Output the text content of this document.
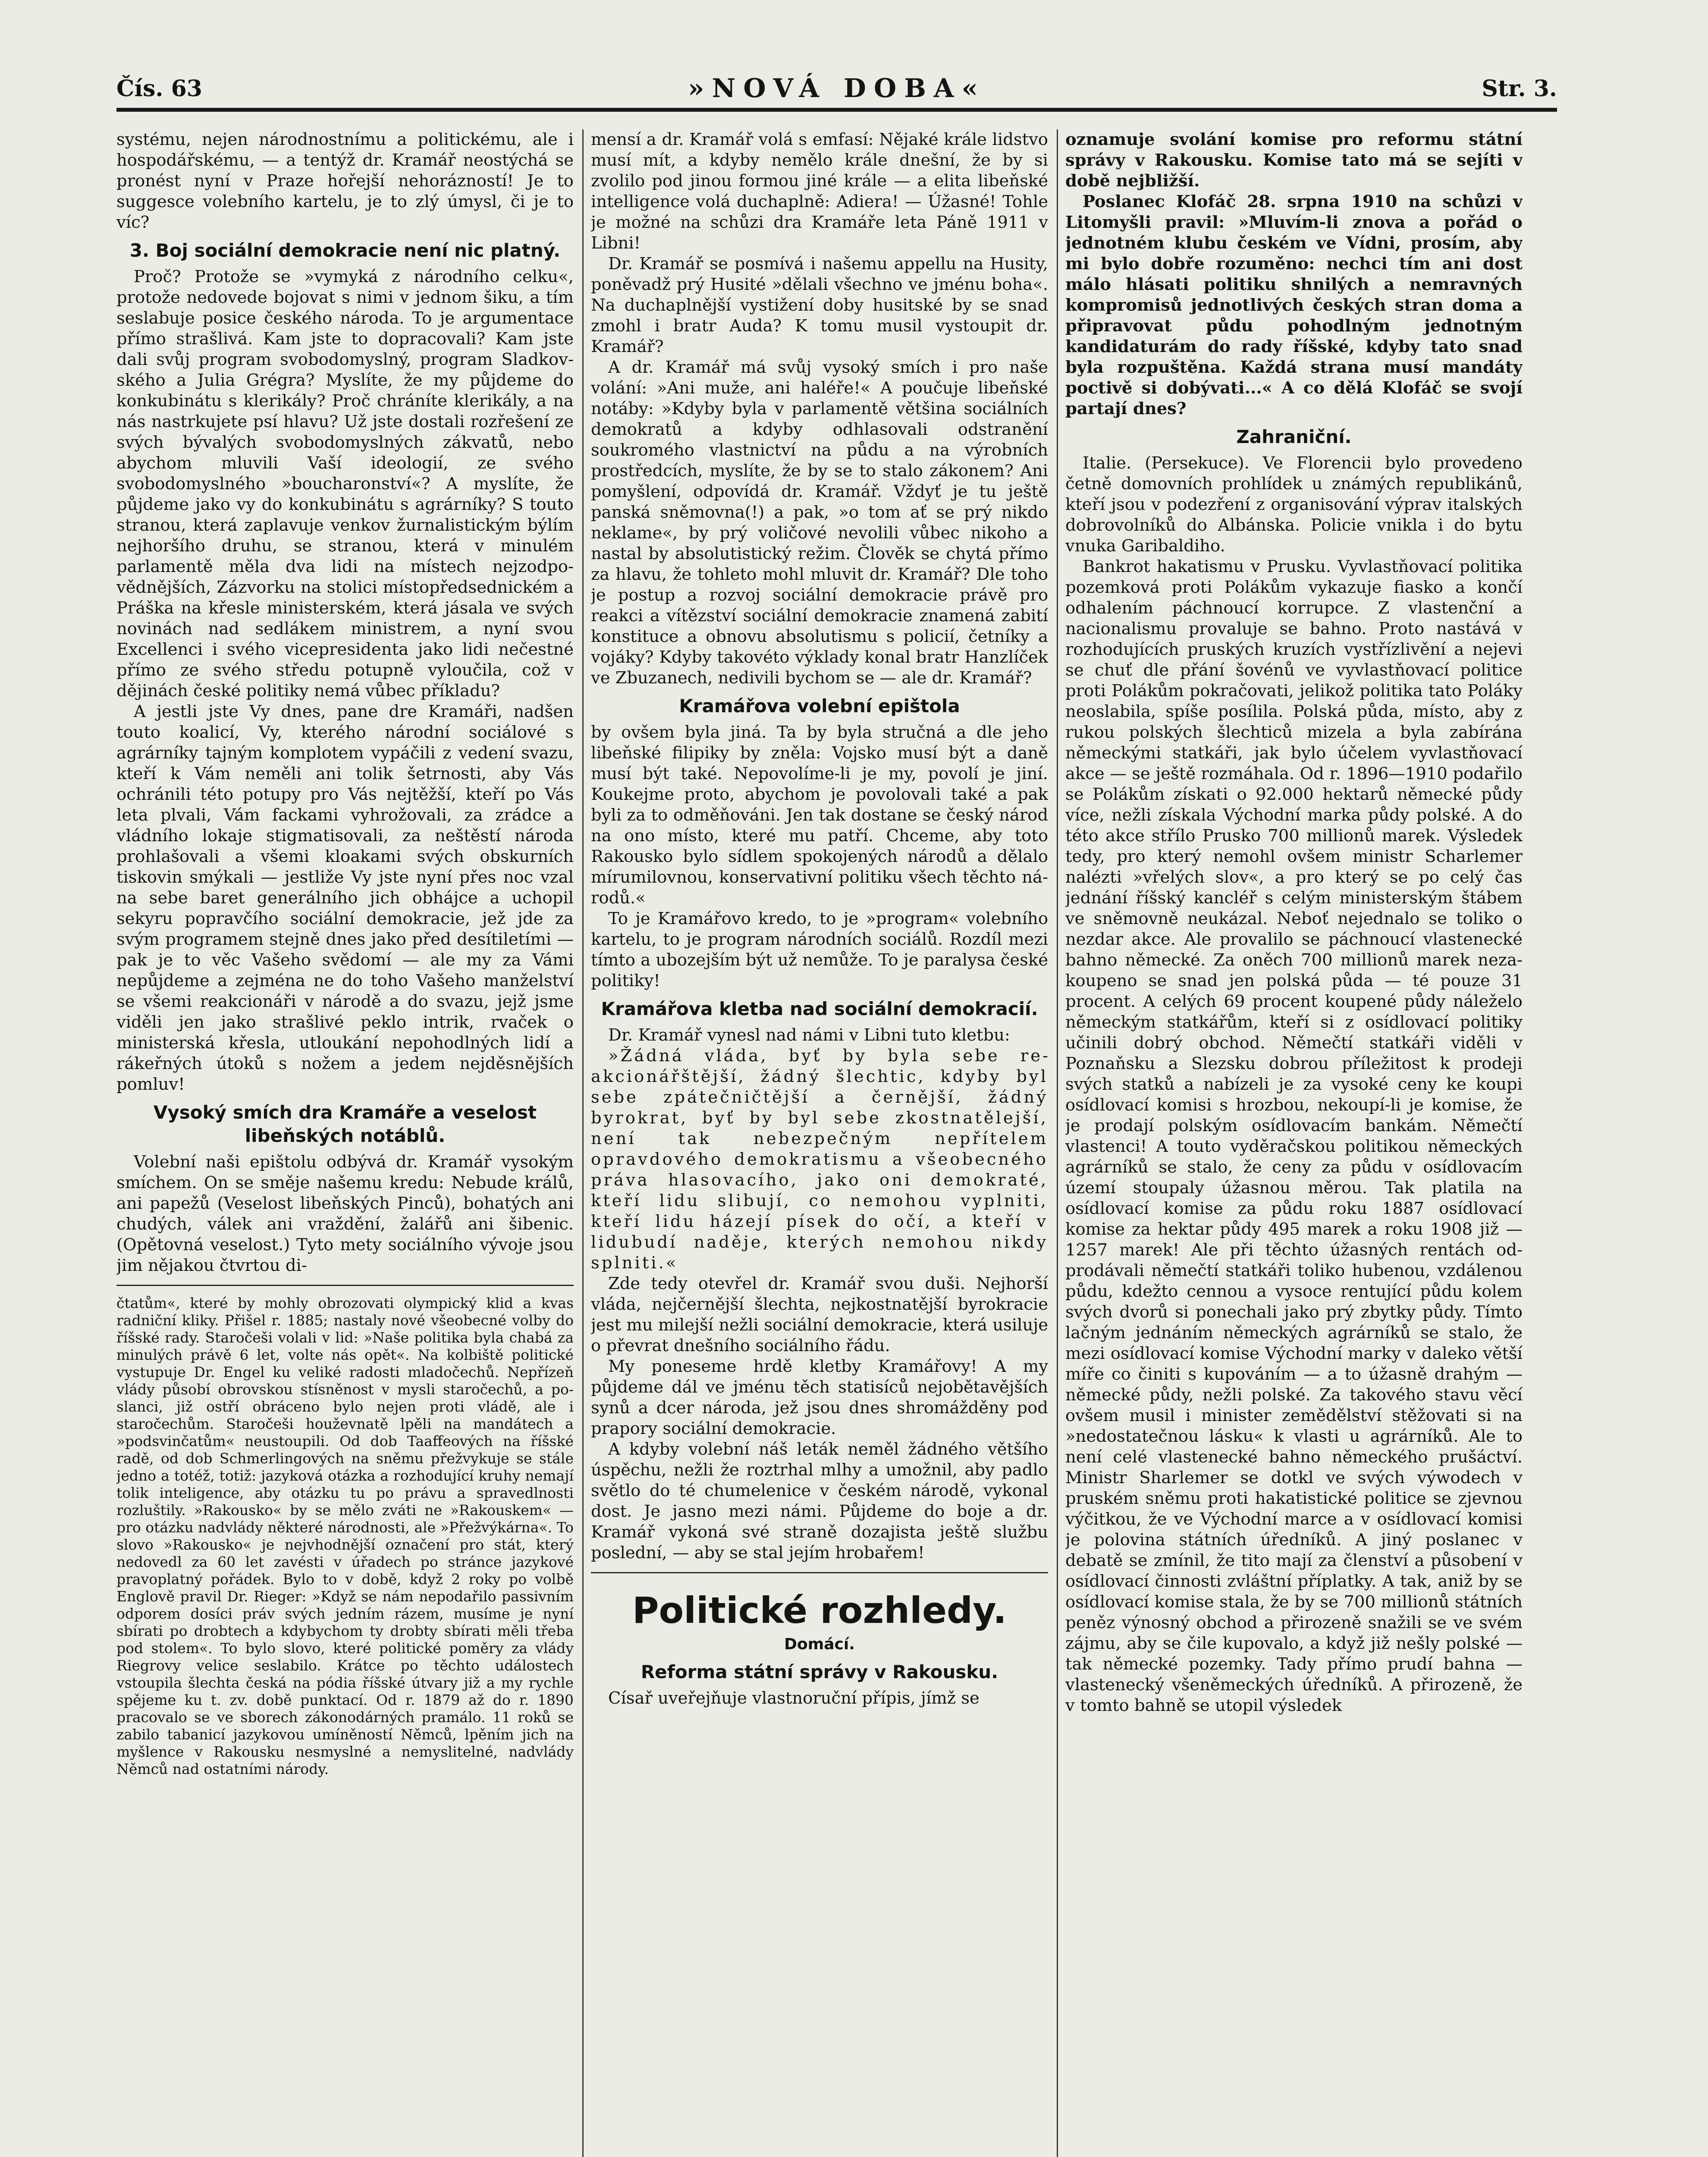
Čís. 63	»NOVÁ DOBA«	Str. 3.

systému, nejen národnostnímu a politickému, ale i hospodářskému, — a tentýž dr. Kramář neostýchá se pronést nyní v Praze hořejší nehorázností! Je to suggesce volebního kartelu, je to zlý úmysl, či je to víc?

3. Boj sociální demokracie není nic platný.

Proč? Protože se »vymyká z národního celku«, protože nedovede bojovat s nimi v jednom šiku, a tím seslabuje posice českého národa. To je argumentace přímo strašlivá. Kam jste to dopracovali? Kam jste dali svůj program svobodomyslný, program Sladkovského a Julia Grégra? Myslíte, že my půjdeme do konkubinátu s klerikály? Proč chráníte klerikály, a na nás nastrkujete psí hlavu? Už jste dostali rozřešení ze svých bývalých svobodomyslných zákvatů, nebo abychom mluvili Vaší ideologií, ze svého svobodomyslného »boucharonství«? A myslíte, že půjdeme jako vy do konkubinátu s agrárníky? S touto stranou, která zaplavuje venkov žurnalistickým býlím nejhoršího druhu, se stranou, která v minulém parlamentě měla dva lidi na místech nejzodpovědnějších, Zázvorku na stolici místopředsednickém a Práška na křesle ministerském, která jásala ve svých novinách nad sedlákem ministrem, a nyní svou Excellenci i svého vicepresidenta jako lidi nečestné přímo ze svého středu potupně vyloučila, což v dějinách české politiky nemá vůbec příkladu?

A jestli jste Vy dnes, pane dre Kramáři, nadšen touto koalicí, Vy, kterého národní sociálové s agrárníky tajným komplotem vypáčili z vedení svazu, kteří k Vám neměli ani tolik šetrnosti, aby Vás ochránili této potupy pro Vás nejtěžší, kteří po Vás leta plvali, Vám fackami vyhrožovali, za zrádce a vládního lokaje stigmatisovali, za neštěstí národa prohlašovali a všemi kloakami svých obskurních tiskovin smýkali — jestliže Vy jste nyní přes noc vzal na sebe baret generálního jich obhájce a uchopil sekyru popravčího sociální demokracie, jež jde za svým programem stejně dnes jako před desítiletími — pak je to věc Vašeho svědomí — ale my za Vámi nepůjdeme a zejména ne do toho Vašeho manželství se všemi reakcionáři v národě a do svazu, jejž jsme viděli jen jako strašlivé peklo intrik, rvaček o ministerská křesla, utloukání nepohodlných lidí a rákeřných útoků s nožem a jedem nejděsnějších pomluv!

Vysoký smích dra Kramáře a veselost libeňských notáblů.

Volební naši epištolu odbývá dr. Kramář vysokým smíchem. On se směje našemu kredu: Nebude králů, ani papežů (Veselost libeňských Pinců), bohatých ani chudých, válek ani vraždění, žalářů ani šibenic. (Opětovná veselost.) Tyto mety sociálního vývoje jsou jim nějakou čtvrtou di-

čtatům«, které by mohly obrozovati olympický klid a kvas radniční kliky. Přišel r. 1885; nastaly nové všeobecné volby do říšské rady. Staročeši volali v lid: »Naše politika byla chabá za minulých právě 6 let, volte nás opět«. Na kolbiště politické vystupuje Dr. Engel ku veliké radosti mladočechů. Nepřízeň vlády působí obrovskou stísněnost v mysli staročechů, a poslanci, již ostří obráceno bylo nejen proti vládě, ale i staročechům. Staročeši houževnatě lpěli na mandátech a »podsvinčatům« neustoupili. Od dob Taaffeových na říšské radě, od dob Schmerlingových na sněmu přežvykuje se stále jedno a totéž, totiž: jazyková otázka a rozhodující kruhy nemají tolik inteligence, aby otázku tu po právu a spravedlnosti rozluštily. »Rakousko« by se mělo zváti ne »Rakouskem« — pro otázku nadvlády některé národnosti, ale »Přežvýkárna«. To slovo »Rakousko« je nejvhodnější označení pro stát, který nedovedl za 60 let zavésti v úřadech po stránce jazykové pravoplatný pořádek. Bylo to v době, když 2 roky po volbě Englově pravil Dr. Rieger: »Když se nám nepodařilo passivním odporem dosíci práv svých jedním rázem, musíme je nyní sbírati po drobtech a kdybychom ty drobty sbírati měli třeba pod stolem«. To bylo slovo, které politické poměry za vlády Riegrovy velice seslabilo. Krátce po těchto událostech vstoupila šlechta česká na pódia říšské útvary již a my rychle spějeme ku t. zv. době punktací. Od r. 1879 až do r. 1890 pracovalo se ve sborech zákonodárných pramálo. 11 roků se zabilo tabanicí jazykovou umíněností Němců, lpěním jich na myšlence v Rakousku nesmyslné a nemyslitelné, nadvlády Němců nad ostatními národy.

mensí a dr. Kramář volá s emfasí: Nějaké krále lidstvo musí mít, a kdyby nemělo krále dnešní, že by si zvolilo pod jinou formou jiné krále — a elita libeňské intelligence volá duchaplně: Adiera! — Úžasné! Tohle je možné na schůzi dra Kramáře leta Páně 1911 v Libni!

Dr. Kramář se posmívá i našemu appellu na Husity, poněvadž prý Husité »dělali všechno ve jménu boha«. Na duchaplnější vystižení doby husitské by se snad zmohl i bratr Auda? K tomu musil vystoupit dr. Kramář?

A dr. Kramář má svůj vysoký smích i pro naše volání: »Ani muže, ani haléře!« A poučuje libeňské notáby: »Kdyby byla v parlamentě většina sociálních demokratů a kdyby odhlasovali odstranění soukromého vlastnictví na půdu a na výrobních prostředcích, myslíte, že by se to stalo zákonem? Ani pomyšlení, odpovídá dr. Kramář. Vždyť je tu ještě panská sněmovna(!) a pak, »o tom ať se prý nikdo neklame«, by prý voličové nevolili vůbec nikoho a nastal by absolutistický režim. Člověk se chytá přímo za hlavu, že tohleto mohl mluvit dr. Kramář? Dle toho je postup a rozvoj sociální demokracie právě pro reakci a vítězství sociální demokracie znamená zabití konstituce a obnovu absolutismu s policií, četníky a vojáky? Kdyby takovéto výklady konal bratr Hanzlíček ve Zbuzanech, nedivili bychom se — ale dr. Kramář?

Kramářova volební epištola

by ovšem byla jiná. Ta by byla stručná a dle jeho libeňské filipiky by zněla: Vojsko musí být a daně musí být také. Nepovolíme-li je my, povolí je jiní. Koukejme proto, abychom je povolovali také a pak byli za to odměňováni. Jen tak dostane se český národ na ono místo, které mu patří. Chceme, aby toto Rakousko bylo sídlem spokojených národů a dělalo mírumilovnou, konservativní politiku všech těchto národů.«

To je Kramářovo kredo, to je »program« volebního kartelu, to je program národních sociálů. Rozdíl mezi tímto a ubozejším být už nemůže. To je paralysa české politiky!

Kramářova kletba nad sociální demokracií.

Dr. Kramář vynesl nad námi v Libni tuto kletbu:

»Žádná vláda, byť by byla sebe reakcionářštější, žádný šlechtic, kdyby byl sebe zpátečničtější a černější, žádný byrokrat, byť by byl sebe zkostnatělejší, není tak nebezpečným nepřítelem opravdového demokratismu a všeobecného práva hlasovacího, jako oni demokraté, kteří lidu slibují, co nemohou vyplniti, kteří lidu házejí písek do očí, a kteří v lidubudí naděje, kterých nemohou nikdy splniti.«

Zde tedy otevřel dr. Kramář svou duši. Nejhorší vláda, nejčernější šlechta, nejkostnatější byrokracie jest mu milejší nežli sociální demokracie, která usiluje o převrat dnešního sociálního řádu.

My poneseme hrdě kletby Kramářovy! A my půjdeme dál ve jménu těch statisíců nejobětavějších synů a dcer národa, jež jsou dnes shromážděny pod prapory sociální demokracie.

A kdyby volební náš leták neměl žádného většího úspěchu, nežli že roztrhal mlhy a umožnil, aby padlo světlo do té chumelenice v českém národě, vykonal dost. Je jasno mezi námi. Půjdeme do boje a dr. Kramář vykoná své straně dozajista ještě službu poslední, — aby se stal jejím hrobařem!

Politické rozhledy.

Domácí.

Reforma státní správy v Rakousku.

Císař uveřejňuje vlastnoruční přípis, jímž se

oznamuje svolání komise pro reformu státní správy v Rakousku. Komise tato má se sejíti v době nejbližší.

Poslanec Klofáč 28. srpna 1910 na schůzi v Litomyšli pravil: »Mluvím-li znova a pořád o jednotném klubu českém ve Vídni, prosím, aby mi bylo dobře rozuměno: nechci tím ani dost málo hlásati politiku shnilých a nemravných kompromisů jednotlivých českých stran doma a připravovat půdu pohodlným jednotným kandidaturám do rady říšské, kdyby tato snad byla rozpuštěna. Každá strana musí mandáty poctivě si dobývati...« A co dělá Klofáč se svojí partají dnes?

Zahraniční.

Italie. (Persekuce). Ve Florencii bylo provedeno četně domovních prohlídek u známých republikánů, kteří jsou v podezření z organisování výprav italských dobrovolníků do Albánska. Policie vnikla i do bytu vnuka Garibaldiho.

Bankrot hakatismu v Prusku. Vyvlastňovací politika pozemková proti Polákům vykazuje fiasko a končí odhalením páchnoucí korrupce. Z vlastenční a nacionalismu provaluje se bahno. Proto nastává v rozhodujících pruských kruzích vystřízlivění a nejevi se chuť dle přání šovénů ve vyvlastňovací politice proti Polákům pokračovati, jelikož politika tato Poláky neoslabila, spíše posílila. Polská půda, místo, aby z rukou polských šlechticů mizela a byla zabírána německými statkáři, jak bylo účelem vyvlastňovací akce — se ještě rozmáhala. Od r. 1896—1910 podařilo se Polákům získati o 92.000 hektarů německé půdy více, nežli získala Východní marka půdy polské. A do této akce střílo Prusko 700 millionů marek. Výsledek tedy, pro který nemohl ovšem ministr Scharlemer nalézti »vřelých slov«, a pro který se po celý čas jednání říšský kancléř s celým ministerským štábem ve sněmovně neukázal. Neboť nejednalo se toliko o nezdar akce. Ale provalilo se páchnoucí vlastenecké bahno německé. Za oněch 700 millionů marek nezakoupeno se snad jen polská půda — té pouze 31 procent. A celých 69 procent koupené půdy náleželo německým statkářům, kteří si z osídlovací politiky učinili dobrý obchod. Němečtí statkáři viděli v Poznaňsku a Slezsku dobrou příležitost k prodeji svých statků a nabízeli je za vysoké ceny ke koupi osídlovací komisi s hrozbou, nekoupí-li je komise, že je prodají polským osídlovacím bankám. Němečtí vlastenci! A touto vyděračskou politikou německých agrárníků se stalo, že ceny za půdu v osídlovacím území stoupaly úžasnou měrou. Tak platila na osídlovací komise za půdu roku 1887 osídlovací komise za hektar půdy 495 marek a roku 1908 již — 1257 marek! Ale při těchto úžasných rentách odprodávali němečtí statkáři toliko hubenou, vzdálenou půdu, kdežto cennou a vysoce rentující půdu kolem svých dvorů si ponechali jako prý zbytky půdy. Tímto lačným jednáním německých agrárníků se stalo, že mezi osídlovací komise Východní marky v daleko větší míře co činiti s kupováním — a to úžasně drahým — německé půdy, nežli polské. Za takového stavu věcí ovšem musil i minister zemědělství stěžovati si na »nedostatečnou lásku« k vlasti u agrárníků. Ale to není celé vlastenecké bahno německého prušáctví. Ministr Sharlemer se dotkl ve svých výwodech v pruském sněmu proti hakatistické politice se zjevnou výčitkou, že ve Východní marce a v osídlovací komisi je polovina státních úředníků. A jiný poslanec v debatě se zmínil, že tito mají za členství a působení v osídlovací činnosti zvláštní příplatky. A tak, aniž by se osídlovací komise stala, že by se 700 millionů státních peněz výnosný obchod a přirozeně snažili se ve svém zájmu, aby se čile kupovalo, a když již nešly polské — tak německé pozemky. Tady přímo prudí bahna — vlastenecký všeněmeckých úředníků. A přirozeně, že v tomto bahně se utopil výsledek
